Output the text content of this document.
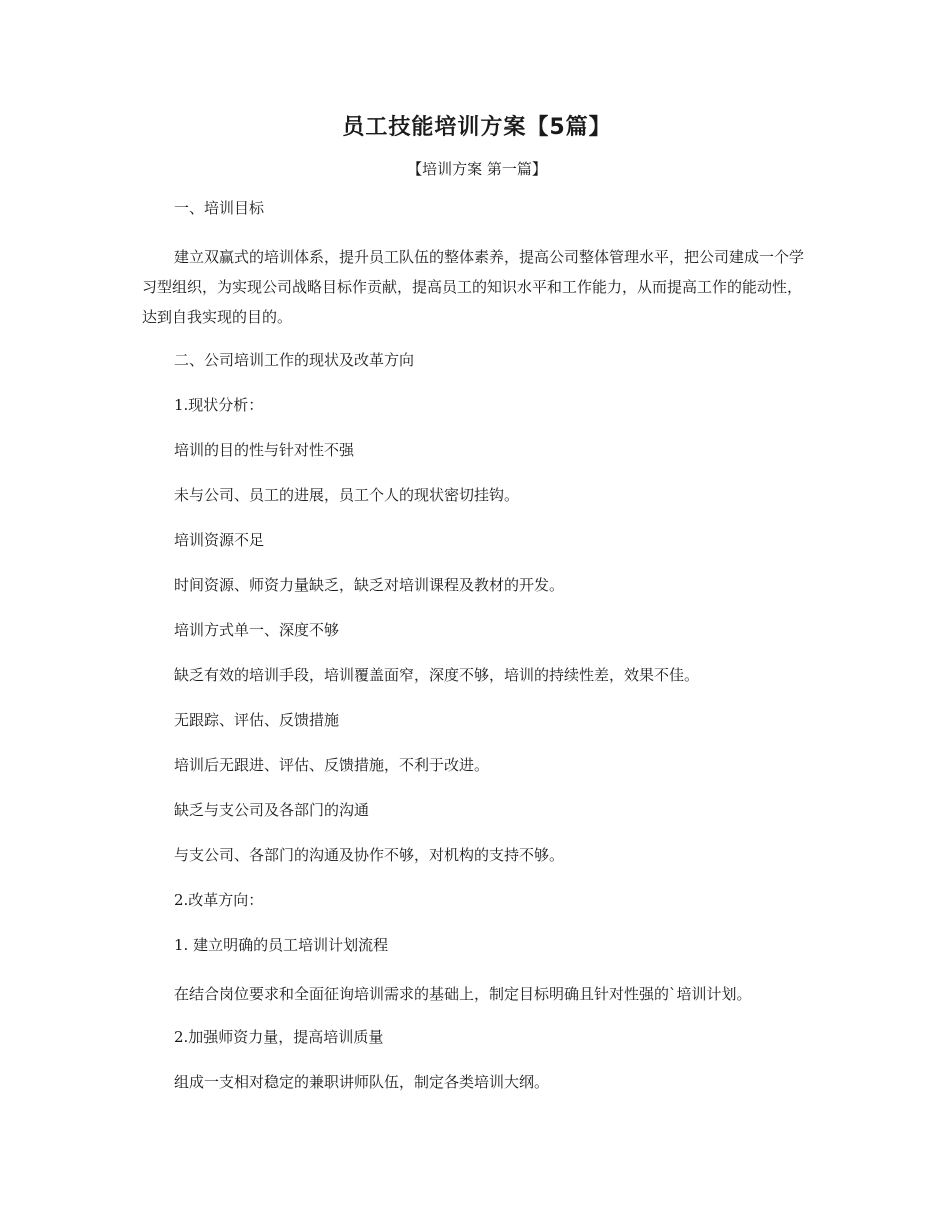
员工技能培训方案【5篇】
【培训方案 第一篇】

一、培训目标

建立双赢式的培训体系，提升员工队伍的整体素养，提高公司整体管理水平，把公司建成一个学习型组织，为实现公司战略目标作贡献，提高员工的知识水平和工作能力，从而提高工作的能动性，达到自我实现的目的。

二、公司培训工作的现状及改革方向

1.现状分析：

培训的目的性与针对性不强

未与公司、员工的进展，员工个人的现状密切挂钩。

培训资源不足

时间资源、师资力量缺乏，缺乏对培训课程及教材的开发。

培训方式单一、深度不够

缺乏有效的培训手段，培训覆盖面窄，深度不够，培训的持续性差，效果不佳。

无跟踪、评估、反馈措施

培训后无跟进、评估、反馈措施，不利于改进。

缺乏与支公司及各部门的沟通

与支公司、各部门的沟通及协作不够，对机构的支持不够。

2.改革方向：

1. 建立明确的员工培训计划流程

在结合岗位要求和全面征询培训需求的基础上，制定目标明确且针对性强的`培训计划。

2.加强师资力量，提高培训质量

组成一支相对稳定的兼职讲师队伍，制定各类培训大纲。
